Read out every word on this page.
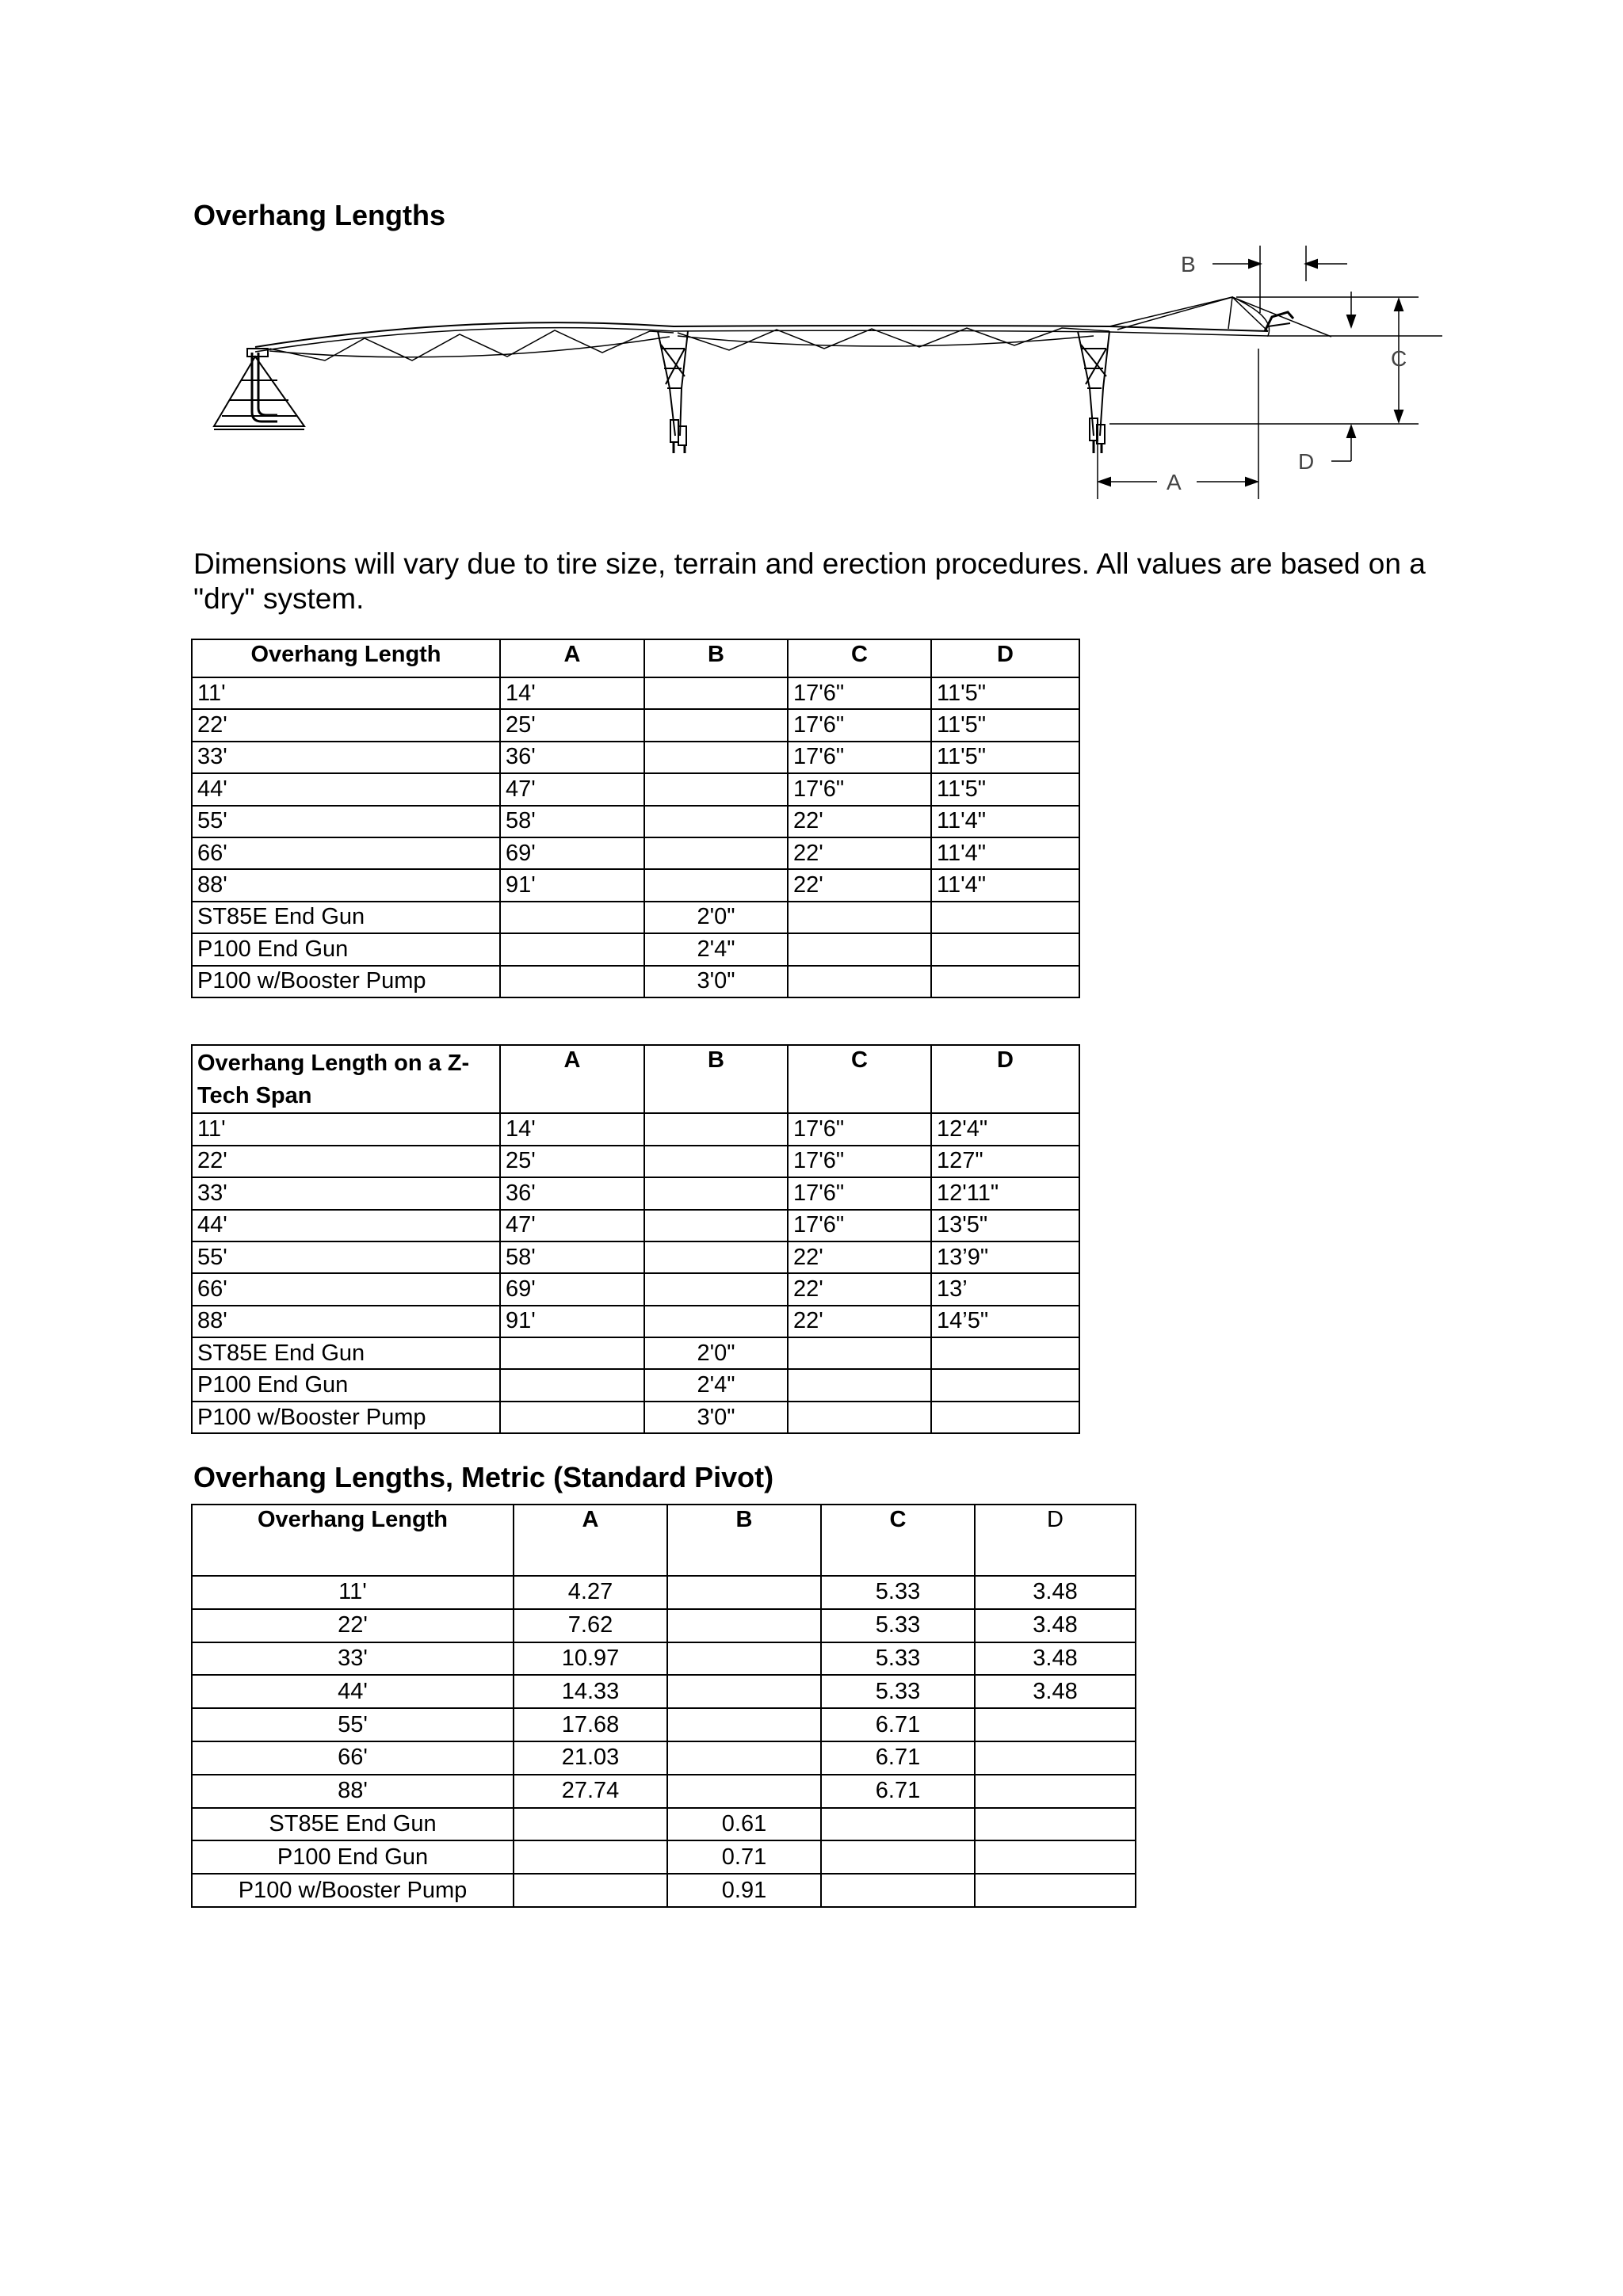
Overhang Lengths
B
C
D
A

Dimensions will vary due to tire size, terrain and erection procedures. All values are based on a "dry" system.

Overhang Length	A	B	C	D
11'	14'		17'6"	11'5"
22'	25'		17'6"	11'5"
33'	36'		17'6"	11'5"
44'	47'		17'6"	11'5"
55'	58'		22'	11'4"
66'	69'		22'	11'4"
88'	91'		22'	11'4"
ST85E End Gun		2'0"		
P100 End Gun		2'4"		
P100 w/Booster Pump		3'0"		
Overhang Length on a Z-Tech Span	A	B	C	D
11'	14'		17'6"	12'4"
22'	25'		17'6"	127"
33'	36'		17'6"	12'11"
44'	47'		17'6"	13'5"
55'	58'		22'	13’9"
66'	69'		22'	13’
88'	91'		22'	14’5"
ST85E End Gun		2'0"		
P100 End Gun		2'4"		
P100 w/Booster Pump		3'0"		
Overhang Lengths, Metric (Standard Pivot)
Overhang Length	A	B	C	D
11'	4.27		5.33	3.48
22'	7.62		5.33	3.48
33'	10.97		5.33	3.48
44'	14.33		5.33	3.48
55'	17.68		6.71	
66'	21.03		6.71	
88'	27.74		6.71	
ST85E End Gun		0.61		
P100 End Gun		0.71		
P100 w/Booster Pump		0.91		
